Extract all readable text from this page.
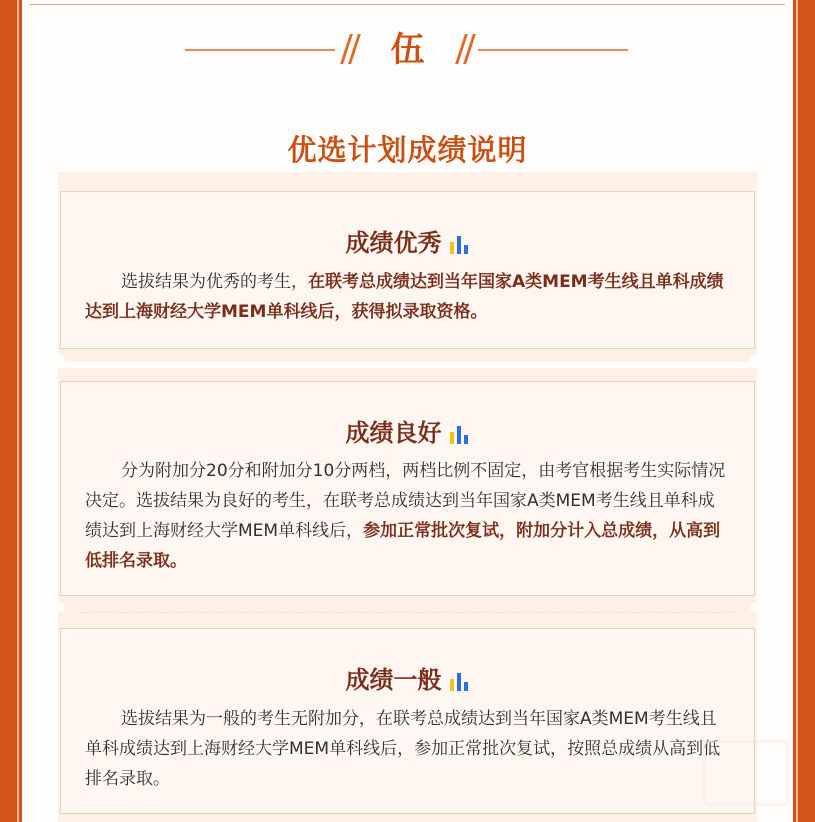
伍
优选计划成绩说明
成绩优秀
选拔结果为优秀的考生，在联考总成绩达到当年国家A类MEM考生线且单科成绩达到上海财经大学MEM单科线后，获得拟录取资格。
成绩良好
分为附加分20分和附加分10分两档，两档比例不固定，由考官根据考生实际情况决定。选拔结果为良好的考生，在联考总成绩达到当年国家A类MEM考生线且单科成绩达到上海财经大学MEM单科线后，参加正常批次复试，附加分计入总成绩，从高到低排名录取。
成绩一般
选拔结果为一般的考生无附加分，在联考总成绩达到当年国家A类MEM考生线且单科成绩达到上海财经大学MEM单科线后，参加正常批次复试，按照总成绩从高到低排名录取。
